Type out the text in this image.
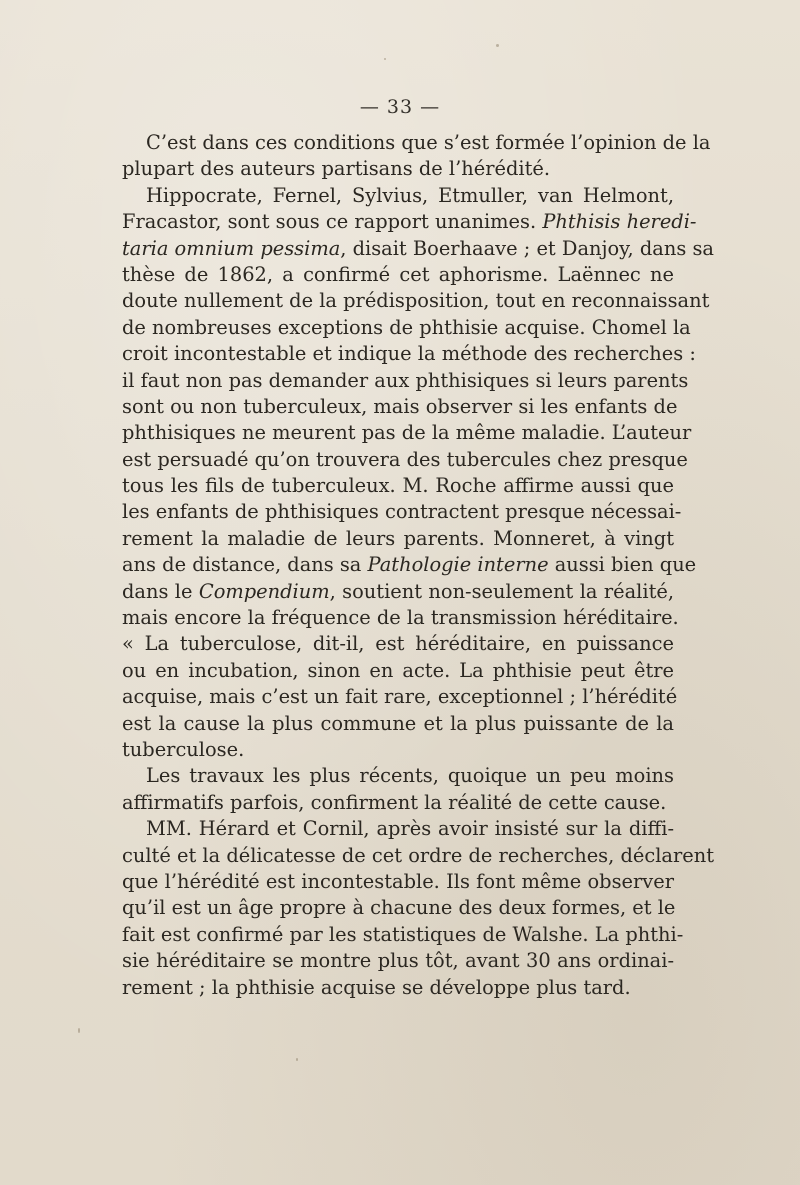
— 33 —
C’est dans ces conditions que s’est formée l’opinion de la
plupart des auteurs partisans de l’hérédité.
Hippocrate, Fernel, Sylvius, Etmuller, van Helmont,
Fracastor, sont sous ce rapport unanimes. Phthisis heredi-
taria omnium pessima, disait Boerhaave ; et Danjoy, dans sa
thèse de 1862, a confirmé cet aphorisme. Laënnec ne
doute nullement de la prédisposition, tout en reconnaissant
de nombreuses exceptions de phthisie acquise. Chomel la
croit incontestable et indique la méthode des recherches :
il faut non pas demander aux phthisiques si leurs parents
sont ou non tuberculeux, mais observer si les enfants de
phthisiques ne meurent pas de la même maladie. L’auteur
est persuadé qu’on trouvera des tubercules chez presque
tous les fils de tuberculeux. M. Roche affirme aussi que
les enfants de phthisiques contractent presque nécessai-
rement la maladie de leurs parents. Monneret, à vingt
ans de distance, dans sa Pathologie interne aussi bien que
dans le Compendium, soutient non-seulement la réalité,
mais encore la fréquence de la transmission héréditaire.
« La tuberculose, dit-il, est héréditaire, en puissance
ou en incubation, sinon en acte. La phthisie peut être
acquise, mais c’est un fait rare, exceptionnel ; l’hérédité
est la cause la plus commune et la plus puissante de la
tuberculose.
Les travaux les plus récents, quoique un peu moins
affirmatifs parfois, confirment la réalité de cette cause.
MM. Hérard et Cornil, après avoir insisté sur la diffi-
culté et la délicatesse de cet ordre de recherches, déclarent
que l’hérédité est incontestable. Ils font même observer
qu’il est un âge propre à chacune des deux formes, et le
fait est confirmé par les statistiques de Walshe. La phthi-
sie héréditaire se montre plus tôt, avant 30 ans ordinai-
rement ; la phthisie acquise se développe plus tard.
